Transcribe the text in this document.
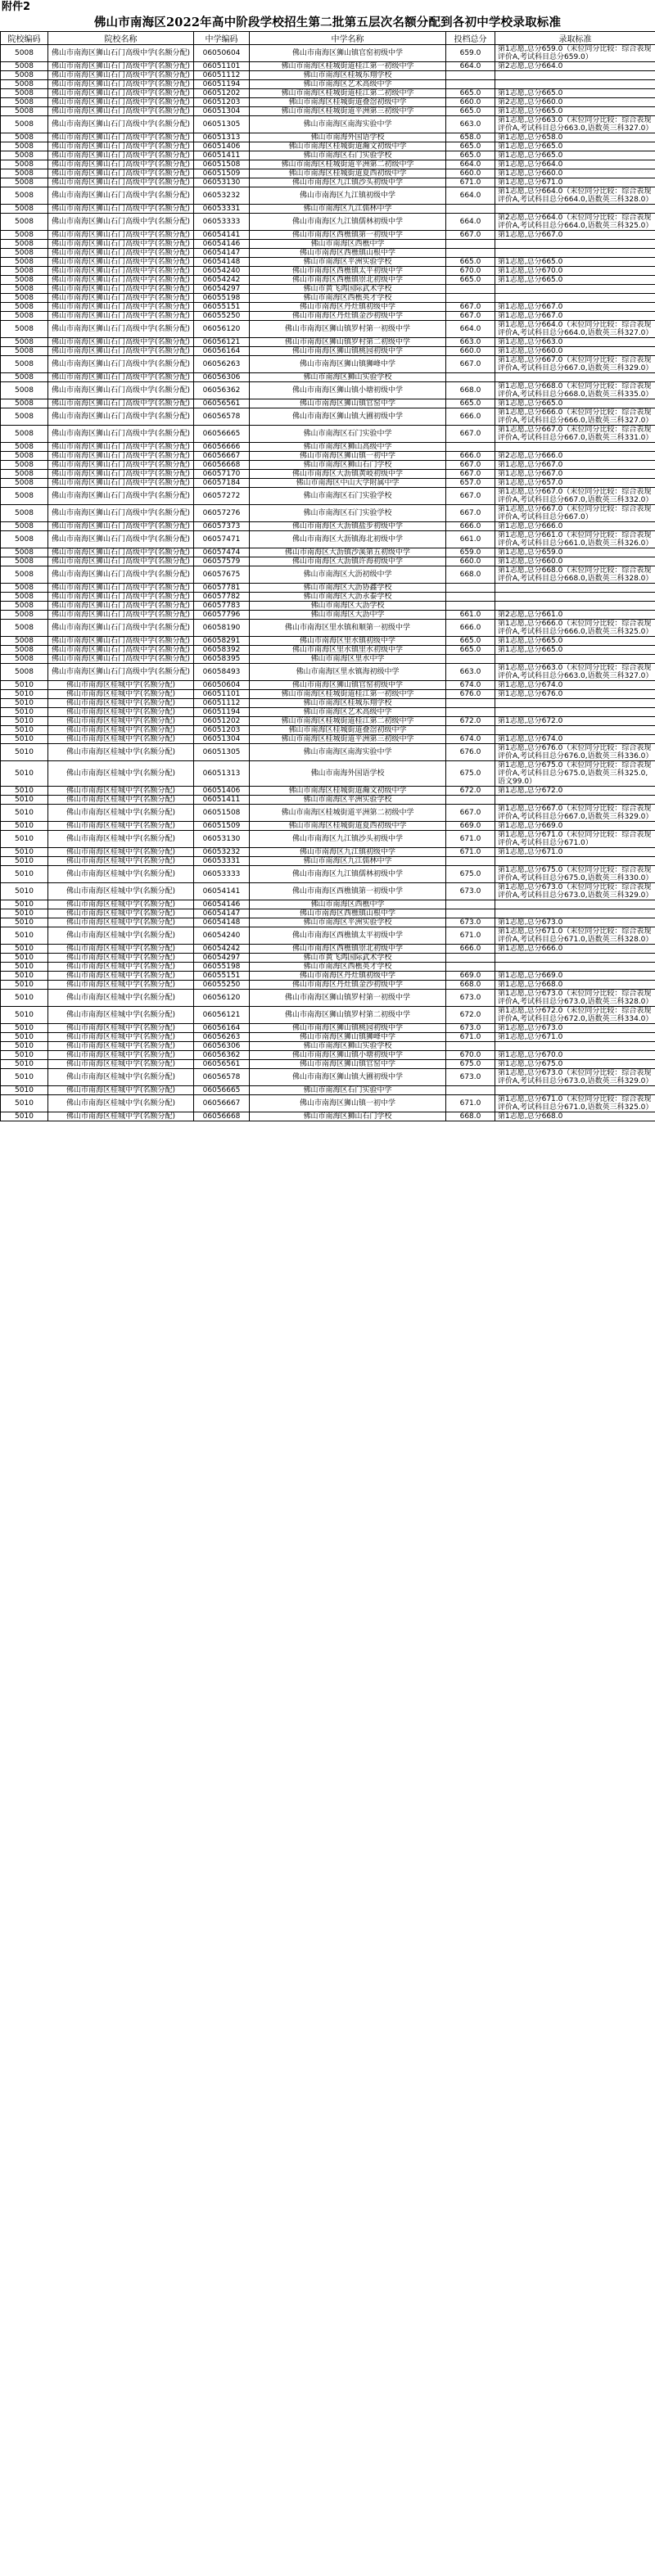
附件2
佛山市南海区2022年高中阶段学校招生第二批第五层次名额分配到各初中学校录取标准
院校编码	院校名称	中学编码	中学名称	投档总分	录取标准
5008	佛山市南海区狮山石门高级中学(名额分配)	06050604	佛山市南海区狮山镇官窑初级中学	659.0	第1志愿,总分659.0（末位同分比较：综合表现评价A,考试科目总分659.0）
5008	佛山市南海区狮山石门高级中学(名额分配)	06051101	佛山市南海区桂城街道桂江第一初级中学	664.0	第2志愿,总分664.0
5008	佛山市南海区狮山石门高级中学(名额分配)	06051112	佛山市南海区桂城东翔学校		
5008	佛山市南海区狮山石门高级中学(名额分配)	06051194	佛山市南海区艺术高级中学		
5008	佛山市南海区狮山石门高级中学(名额分配)	06051202	佛山市南海区桂城街道桂江第二初级中学	665.0	第1志愿,总分665.0
5008	佛山市南海区狮山石门高级中学(名额分配)	06051203	佛山市南海区桂城街道叠滘初级中学	660.0	第2志愿,总分660.0
5008	佛山市南海区狮山石门高级中学(名额分配)	06051304	佛山市南海区桂城街道平洲第三初级中学	665.0	第1志愿,总分665.0
5008	佛山市南海区狮山石门高级中学(名额分配)	06051305	佛山市南海区南海实验中学	663.0	第1志愿,总分663.0（末位同分比较：综合表现评价A,考试科目总分663.0,语数英三科327.0）
5008	佛山市南海区狮山石门高级中学(名额分配)	06051313	佛山市南海外国语学校	658.0	第1志愿,总分658.0
5008	佛山市南海区狮山石门高级中学(名额分配)	06051406	佛山市南海区桂城街道瀚文初级中学	665.0	第1志愿,总分665.0
5008	佛山市南海区狮山石门高级中学(名额分配)	06051411	佛山市南海区石门实验学校	665.0	第1志愿,总分665.0
5008	佛山市南海区狮山石门高级中学(名额分配)	06051508	佛山市南海区桂城街道平洲第二初级中学	664.0	第1志愿,总分664.0
5008	佛山市南海区狮山石门高级中学(名额分配)	06051509	佛山市南海区桂城街道夏西初级中学	660.0	第1志愿,总分660.0
5008	佛山市南海区狮山石门高级中学(名额分配)	06053130	佛山市南海区九江镇沙头初级中学	671.0	第1志愿,总分671.0
5008	佛山市南海区狮山石门高级中学(名额分配)	06053232	佛山市南海区九江镇初级中学	664.0	第1志愿,总分664.0（末位同分比较：综合表现评价A,考试科目总分664.0,语数英三科328.0）
5008	佛山市南海区狮山石门高级中学(名额分配)	06053331	佛山市南海区九江儒林中学		
5008	佛山市南海区狮山石门高级中学(名额分配)	06053333	佛山市南海区九江镇儒林初级中学	664.0	第2志愿,总分664.0（末位同分比较：综合表现评价A,考试科目总分664.0,语数英三科325.0）
5008	佛山市南海区狮山石门高级中学(名额分配)	06054141	佛山市南海区西樵镇第一初级中学	667.0	第1志愿,总分667.0
5008	佛山市南海区狮山石门高级中学(名额分配)	06054146	佛山市南海区西樵中学		
5008	佛山市南海区狮山石门高级中学(名额分配)	06054147	佛山市南海区西樵镇山根中学		
5008	佛山市南海区狮山石门高级中学(名额分配)	06054148	佛山市南海区平洲实验学校	665.0	第1志愿,总分665.0
5008	佛山市南海区狮山石门高级中学(名额分配)	06054240	佛山市南海区西樵镇太平初级中学	670.0	第1志愿,总分670.0
5008	佛山市南海区狮山石门高级中学(名额分配)	06054242	佛山市南海区西樵镇崇北初级中学	665.0	第1志愿,总分665.0
5008	佛山市南海区狮山石门高级中学(名额分配)	06054297	佛山市黄飞鸿国际武术学校		
5008	佛山市南海区狮山石门高级中学(名额分配)	06055198	佛山市南海区西樵英才学校		
5008	佛山市南海区狮山石门高级中学(名额分配)	06055151	佛山市南海区丹灶镇初级中学	667.0	第1志愿,总分667.0
5008	佛山市南海区狮山石门高级中学(名额分配)	06055250	佛山市南海区丹灶镇金沙初级中学	667.0	第1志愿,总分667.0
5008	佛山市南海区狮山石门高级中学(名额分配)	06056120	佛山市南海区狮山镇罗村第一初级中学	664.0	第1志愿,总分664.0（末位同分比较：综合表现评价A,考试科目总分664.0,语数英三科327.0）
5008	佛山市南海区狮山石门高级中学(名额分配)	06056121	佛山市南海区狮山镇罗村第二初级中学	663.0	第1志愿,总分663.0
5008	佛山市南海区狮山石门高级中学(名额分配)	06056164	佛山市南海区狮山镇桃园初级中学	660.0	第1志愿,总分660.0
5008	佛山市南海区狮山石门高级中学(名额分配)	06056263	佛山市南海区狮山镇狮峰中学	667.0	第1志愿,总分667.0（末位同分比较：综合表现评价A,考试科目总分667.0,语数英三科329.0）
5008	佛山市南海区狮山石门高级中学(名额分配)	06056306	佛山市南海区狮山实验学校		
5008	佛山市南海区狮山石门高级中学(名额分配)	06056362	佛山市南海区狮山镇小塘初级中学	668.0	第1志愿,总分668.0（末位同分比较：综合表现评价A,考试科目总分668.0,语数英三科335.0）
5008	佛山市南海区狮山石门高级中学(名额分配)	06056561	佛山市南海区狮山镇官窑中学	665.0	第1志愿,总分665.0
5008	佛山市南海区狮山石门高级中学(名额分配)	06056578	佛山市南海区狮山镇大圃初级中学	666.0	第1志愿,总分666.0（末位同分比较：综合表现评价A,考试科目总分666.0,语数英三科327.0）
5008	佛山市南海区狮山石门高级中学(名额分配)	06056665	佛山市南海区石门实验中学	667.0	第1志愿,总分667.0（末位同分比较：综合表现评价A,考试科目总分667.0,语数英三科331.0）
5008	佛山市南海区狮山石门高级中学(名额分配)	06056666	佛山市南海区狮山高级中学		
5008	佛山市南海区狮山石门高级中学(名额分配)	06056667	佛山市南海区狮山镇一初中学	666.0	第2志愿,总分666.0
5008	佛山市南海区狮山石门高级中学(名额分配)	06056668	佛山市南海区狮山石门学校	667.0	第1志愿,总分667.0
5008	佛山市南海区狮山石门高级中学(名额分配)	06057170	佛山市南海区大沥镇黄岐初级中学	667.0	第1志愿,总分667.0
5008	佛山市南海区狮山石门高级中学(名额分配)	06057184	佛山市南海区中山大学附属中学	657.0	第1志愿,总分657.0
5008	佛山市南海区狮山石门高级中学(名额分配)	06057272	佛山市南海区石门实验学校	667.0	第1志愿,总分667.0（末位同分比较：综合表现评价A,考试科目总分667.0,语数英三科332.0）
5008	佛山市南海区狮山石门高级中学(名额分配)	06057276	佛山市南海区石门实验学校	667.0	第1志愿,总分667.0（末位同分比较：综合表现评价A,考试科目总分667.0）
5008	佛山市南海区狮山石门高级中学(名额分配)	06057373	佛山市南海区大沥镇盐步初级中学	666.0	第1志愿,总分666.0
5008	佛山市南海区狮山石门高级中学(名额分配)	06057471	佛山市南海区大沥镇海北初级中学	661.0	第1志愿,总分661.0（末位同分比较：综合表现评价A,考试科目总分661.0,语数英三科326.0）
5008	佛山市南海区狮山石门高级中学(名额分配)	06057474	佛山市南海区大沥镇沙溪第五初级中学	659.0	第1志愿,总分659.0
5008	佛山市南海区狮山石门高级中学(名额分配)	06057579	佛山市南海区大沥镇许海初级中学	660.0	第1志愿,总分660.0
5008	佛山市南海区狮山石门高级中学(名额分配)	06057675	佛山市南海区大沥初级中学	668.0	第1志愿,总分668.0（末位同分比较：综合表现评价A,考试科目总分668.0,语数英三科328.0）
5008	佛山市南海区狮山石门高级中学(名额分配)	06057781	佛山市南海区大沥协鑫学校		
5008	佛山市南海区狮山石门高级中学(名额分配)	06057782	佛山市南海区大沥永泰学校		
5008	佛山市南海区狮山石门高级中学(名额分配)	06057783	佛山市南海区大沥学校		
5008	佛山市南海区狮山石门高级中学(名额分配)	06057796	佛山市南海区大沥中学	661.0	第2志愿,总分661.0
5008	佛山市南海区狮山石门高级中学(名额分配)	06058190	佛山市南海区里水镇和顺第一初级中学	666.0	第1志愿,总分666.0（末位同分比较：综合表现评价A,考试科目总分666.0,语数英三科325.0）
5008	佛山市南海区狮山石门高级中学(名额分配)	06058291	佛山市南海区里水镇初级中学	665.0	第1志愿,总分665.0
5008	佛山市南海区狮山石门高级中学(名额分配)	06058392	佛山市南海区里水镇里水初级中学	665.0	第1志愿,总分665.0
5008	佛山市南海区狮山石门高级中学(名额分配)	06058395	佛山市南海区里水中学		
5008	佛山市南海区狮山石门高级中学(名额分配)	06058493	佛山市南海区里水镇海初级中学	663.0	第1志愿,总分663.0（末位同分比较：综合表现评价A,考试科目总分663.0,语数英三科327.0）
5010	佛山市南海区桂城中学(名额分配)	06050604	佛山市南海区狮山镇官窑初级中学	674.0	第1志愿,总分674.0
5010	佛山市南海区桂城中学(名额分配)	06051101	佛山市南海区桂城街道桂江第一初级中学	676.0	第1志愿,总分676.0
5010	佛山市南海区桂城中学(名额分配)	06051112	佛山市南海区桂城东翔学校		
5010	佛山市南海区桂城中学(名额分配)	06051194	佛山市南海区艺术高级中学		
5010	佛山市南海区桂城中学(名额分配)	06051202	佛山市南海区桂城街道桂江第二初级中学	672.0	第1志愿,总分672.0
5010	佛山市南海区桂城中学(名额分配)	06051203	佛山市南海区桂城街道叠滘初级中学		
5010	佛山市南海区桂城中学(名额分配)	06051304	佛山市南海区桂城街道平洲第三初级中学	674.0	第1志愿,总分674.0
5010	佛山市南海区桂城中学(名额分配)	06051305	佛山市南海区南海实验中学	676.0	第1志愿,总分676.0（末位同分比较：综合表现评价A,考试科目总分676.0,语数英三科336.0）
5010	佛山市南海区桂城中学(名额分配)	06051313	佛山市南海外国语学校	675.0	第1志愿,总分675.0（末位同分比较：综合表现评价A,考试科目总分675.0,语数英三科325.0,语文99.0）
5010	佛山市南海区桂城中学(名额分配)	06051406	佛山市南海区桂城街道瀚文初级中学	672.0	第1志愿,总分672.0
5010	佛山市南海区桂城中学(名额分配)	06051411	佛山市南海区平洲实验学校		
5010	佛山市南海区桂城中学(名额分配)	06051508	佛山市南海区桂城街道平洲第二初级中学	667.0	第1志愿,总分667.0（末位同分比较：综合表现评价A,考试科目总分667.0,语数英三科329.0）
5010	佛山市南海区桂城中学(名额分配)	06051509	佛山市南海区桂城街道夏西初级中学	669.0	第1志愿,总分669.0
5010	佛山市南海区桂城中学(名额分配)	06053130	佛山市南海区九江镇沙头初级中学	671.0	第1志愿,总分671.0（末位同分比较：综合表现评价A,考试科目总分671.0）
5010	佛山市南海区桂城中学(名额分配)	06053232	佛山市南海区九江镇初级中学	671.0	第1志愿,总分671.0
5010	佛山市南海区桂城中学(名额分配)	06053331	佛山市南海区九江儒林中学		
5010	佛山市南海区桂城中学(名额分配)	06053333	佛山市南海区九江镇儒林初级中学	675.0	第1志愿,总分675.0（末位同分比较：综合表现评价A,考试科目总分675.0,语数英三科330.0）
5010	佛山市南海区桂城中学(名额分配)	06054141	佛山市南海区西樵镇第一初级中学	673.0	第1志愿,总分673.0（末位同分比较：综合表现评价A,考试科目总分673.0,语数英三科329.0）
5010	佛山市南海区桂城中学(名额分配)	06054146	佛山市南海区西樵中学		
5010	佛山市南海区桂城中学(名额分配)	06054147	佛山市南海区西樵镇山根中学		
5010	佛山市南海区桂城中学(名额分配)	06054148	佛山市南海区平洲实验学校	673.0	第1志愿,总分673.0
5010	佛山市南海区桂城中学(名额分配)	06054240	佛山市南海区西樵镇太平初级中学	671.0	第1志愿,总分671.0（末位同分比较：综合表现评价A,考试科目总分671.0,语数英三科328.0）
5010	佛山市南海区桂城中学(名额分配)	06054242	佛山市南海区西樵镇崇北初级中学	666.0	第1志愿,总分666.0
5010	佛山市南海区桂城中学(名额分配)	06054297	佛山市黄飞鸿国际武术学校		
5010	佛山市南海区桂城中学(名额分配)	06055198	佛山市南海区西樵英才学校		
5010	佛山市南海区桂城中学(名额分配)	06055151	佛山市南海区丹灶镇初级中学	669.0	第1志愿,总分669.0
5010	佛山市南海区桂城中学(名额分配)	06055250	佛山市南海区丹灶镇金沙初级中学	668.0	第1志愿,总分668.0
5010	佛山市南海区桂城中学(名额分配)	06056120	佛山市南海区狮山镇罗村第一初级中学	673.0	第1志愿,总分673.0（末位同分比较：综合表现评价A,考试科目总分673.0,语数英三科328.0）
5010	佛山市南海区桂城中学(名额分配)	06056121	佛山市南海区狮山镇罗村第二初级中学	672.0	第1志愿,总分672.0（末位同分比较：综合表现评价A,考试科目总分672.0,语数英三科334.0）
5010	佛山市南海区桂城中学(名额分配)	06056164	佛山市南海区狮山镇桃园初级中学	673.0	第1志愿,总分673.0
5010	佛山市南海区桂城中学(名额分配)	06056263	佛山市南海区狮山镇狮峰中学	671.0	第1志愿,总分671.0
5010	佛山市南海区桂城中学(名额分配)	06056306	佛山市南海区狮山实验学校		
5010	佛山市南海区桂城中学(名额分配)	06056362	佛山市南海区狮山镇小塘初级中学	670.0	第1志愿,总分670.0
5010	佛山市南海区桂城中学(名额分配)	06056561	佛山市南海区狮山镇官窑中学	675.0	第1志愿,总分675.0
5010	佛山市南海区桂城中学(名额分配)	06056578	佛山市南海区狮山镇大圃初级中学	673.0	第1志愿,总分673.0（末位同分比较：综合表现评价A,考试科目总分673.0,语数英三科329.0）
5010	佛山市南海区桂城中学(名额分配)	06056665	佛山市南海区石门实验中学		
5010	佛山市南海区桂城中学(名额分配)	06056667	佛山市南海区狮山镇一初中学	671.0	第1志愿,总分671.0（末位同分比较：综合表现评价A,考试科目总分671.0,语数英三科325.0）
5010	佛山市南海区桂城中学(名额分配)	06056668	佛山市南海区狮山石门学校	668.0	第1志愿,总分668.0
